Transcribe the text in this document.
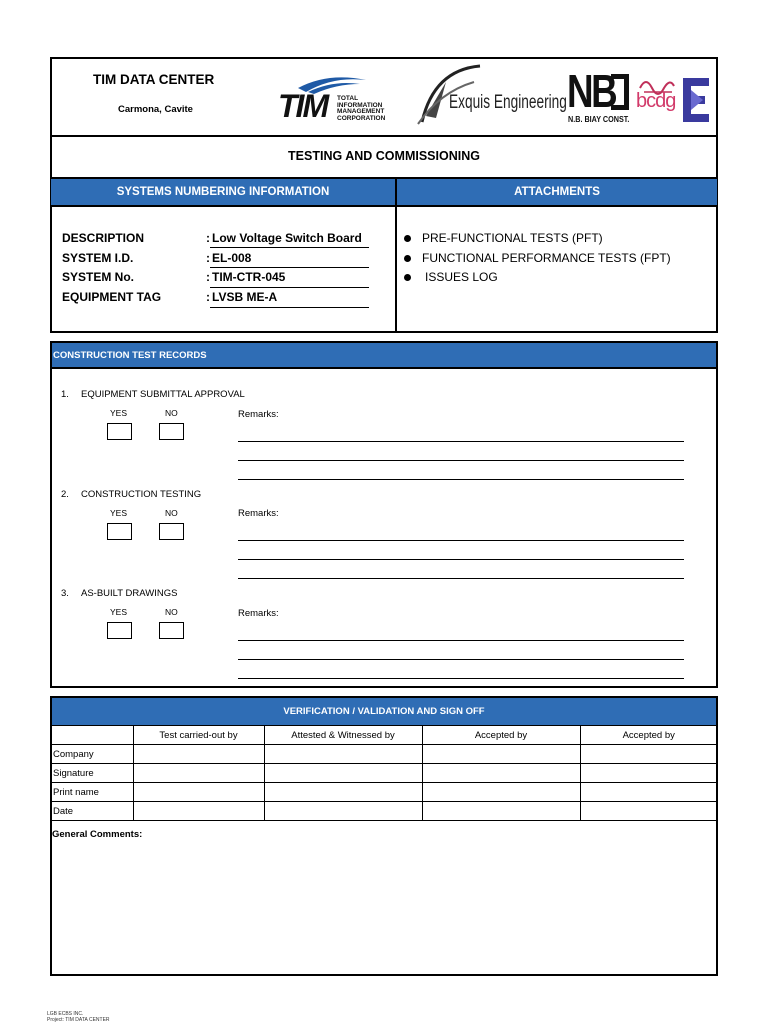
TIM DATA CENTER
Carmona, Cavite	TIM TOTAL
INFORMATION
MANAGEMENT
CORPORATION
Exquis Engineering NB
N.B. BIAY CONST.
bcdg
TESTING AND COMMISSIONING
SYSTEMS NUMBERING INFORMATION	ATTACHMENTS
DESCRIPTION	: Low Voltage Switch Board
SYSTEM I.D.	: EL-008
SYSTEM No.	: TIM-CTR-045
EQUIPMENT TAG	: LVSB ME-A
PRE-FUNCTIONAL TESTS (PFT)
FUNCTIONAL PERFORMANCE TESTS (FPT)
ISSUES LOG
CONSTRUCTION TEST RECORDS
1. EQUIPMENT SUBMITTAL APPROVAL
YES	NO	Remarks:
2. CONSTRUCTION TESTING
YES	NO	Remarks:
3. AS-BUILT DRAWINGS
YES	NO	Remarks:
VERIFICATION / VALIDATION AND SIGN OFF
	Test carried-out by	Attested & Witnessed by	Accepted by	Accepted by
Company				
Signature				
Print name				
Date				
General Comments:
LGB ECBS INC.
Project: TIM DATA CENTER
